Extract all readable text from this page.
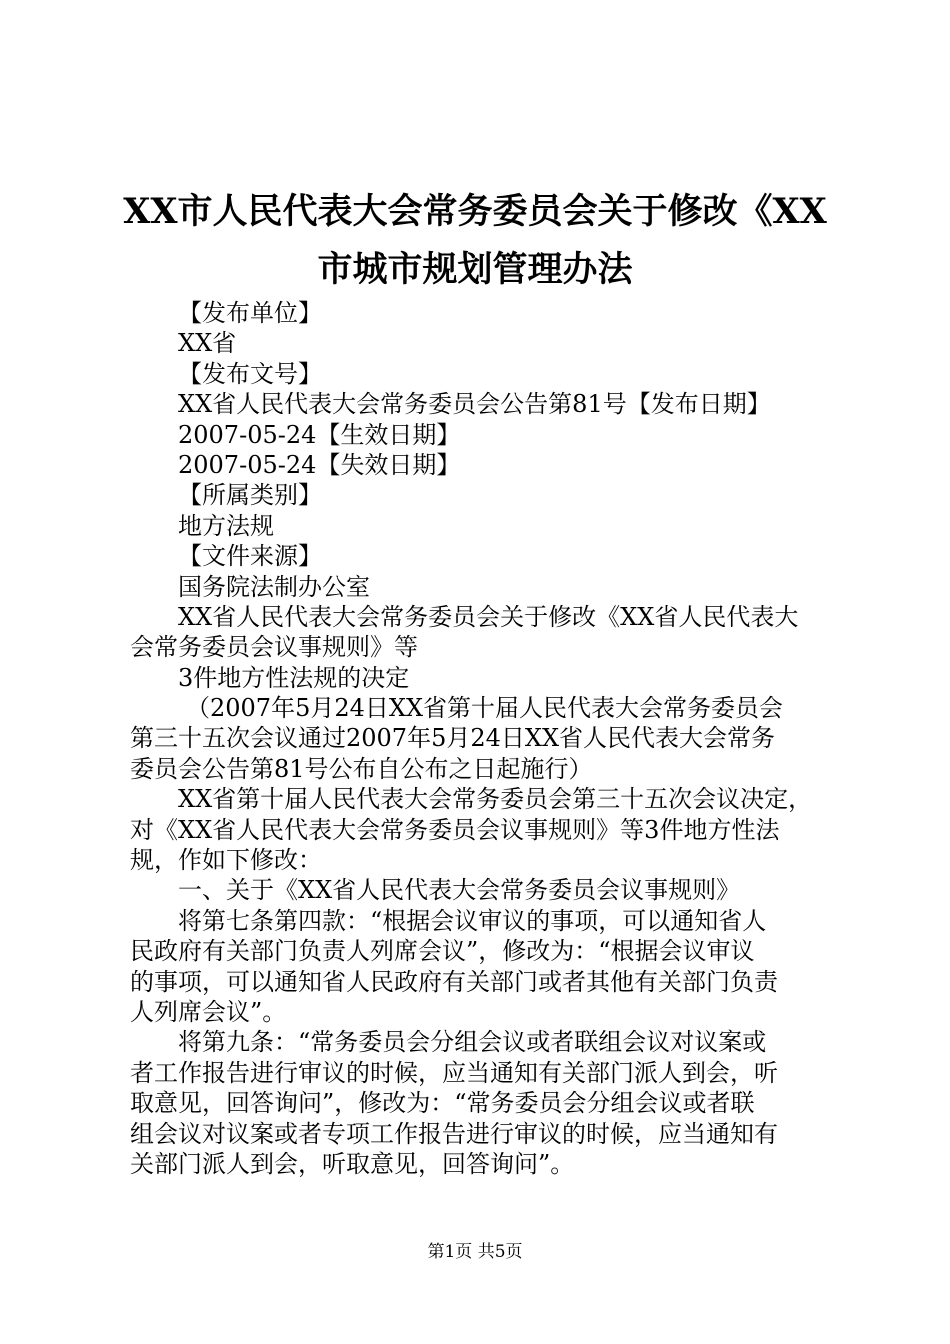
XX市人民代表大会常务委员会关于修改《XX
市城市规划管理办法
【发布单位】
XX省
【发布文号】
XX省人民代表大会常务委员会公告第81号【发布日期】
2007-05-24【生效日期】
2007-05-24【失效日期】
【所属类别】
地方法规
【文件来源】
国务院法制办公室
XX省人民代表大会常务委员会关于修改《XX省人民代表大
会常务委员会议事规则》等
3件地方性法规的决定
（2007年5月24日XX省第十届人民代表大会常务委员会
第三十五次会议通过2007年5月24日XX省人民代表大会常务
委员会公告第81号公布自公布之日起施行）
XX省第十届人民代表大会常务委员会第三十五次会议决定，
对《XX省人民代表大会常务委员会议事规则》等3件地方性法
规，作如下修改：
一、关于《XX省人民代表大会常务委员会议事规则》
将第七条第四款：“根据会议审议的事项，可以通知省人
民政府有关部门负责人列席会议”，修改为：“根据会议审议
的事项，可以通知省人民政府有关部门或者其他有关部门负责
人列席会议”。
将第九条：“常务委员会分组会议或者联组会议对议案或
者工作报告进行审议的时候，应当通知有关部门派人到会，听
取意见，回答询问”，修改为：“常务委员会分组会议或者联
组会议对议案或者专项工作报告进行审议的时候，应当通知有
关部门派人到会，听取意见，回答询问”。
第1页 共5页
